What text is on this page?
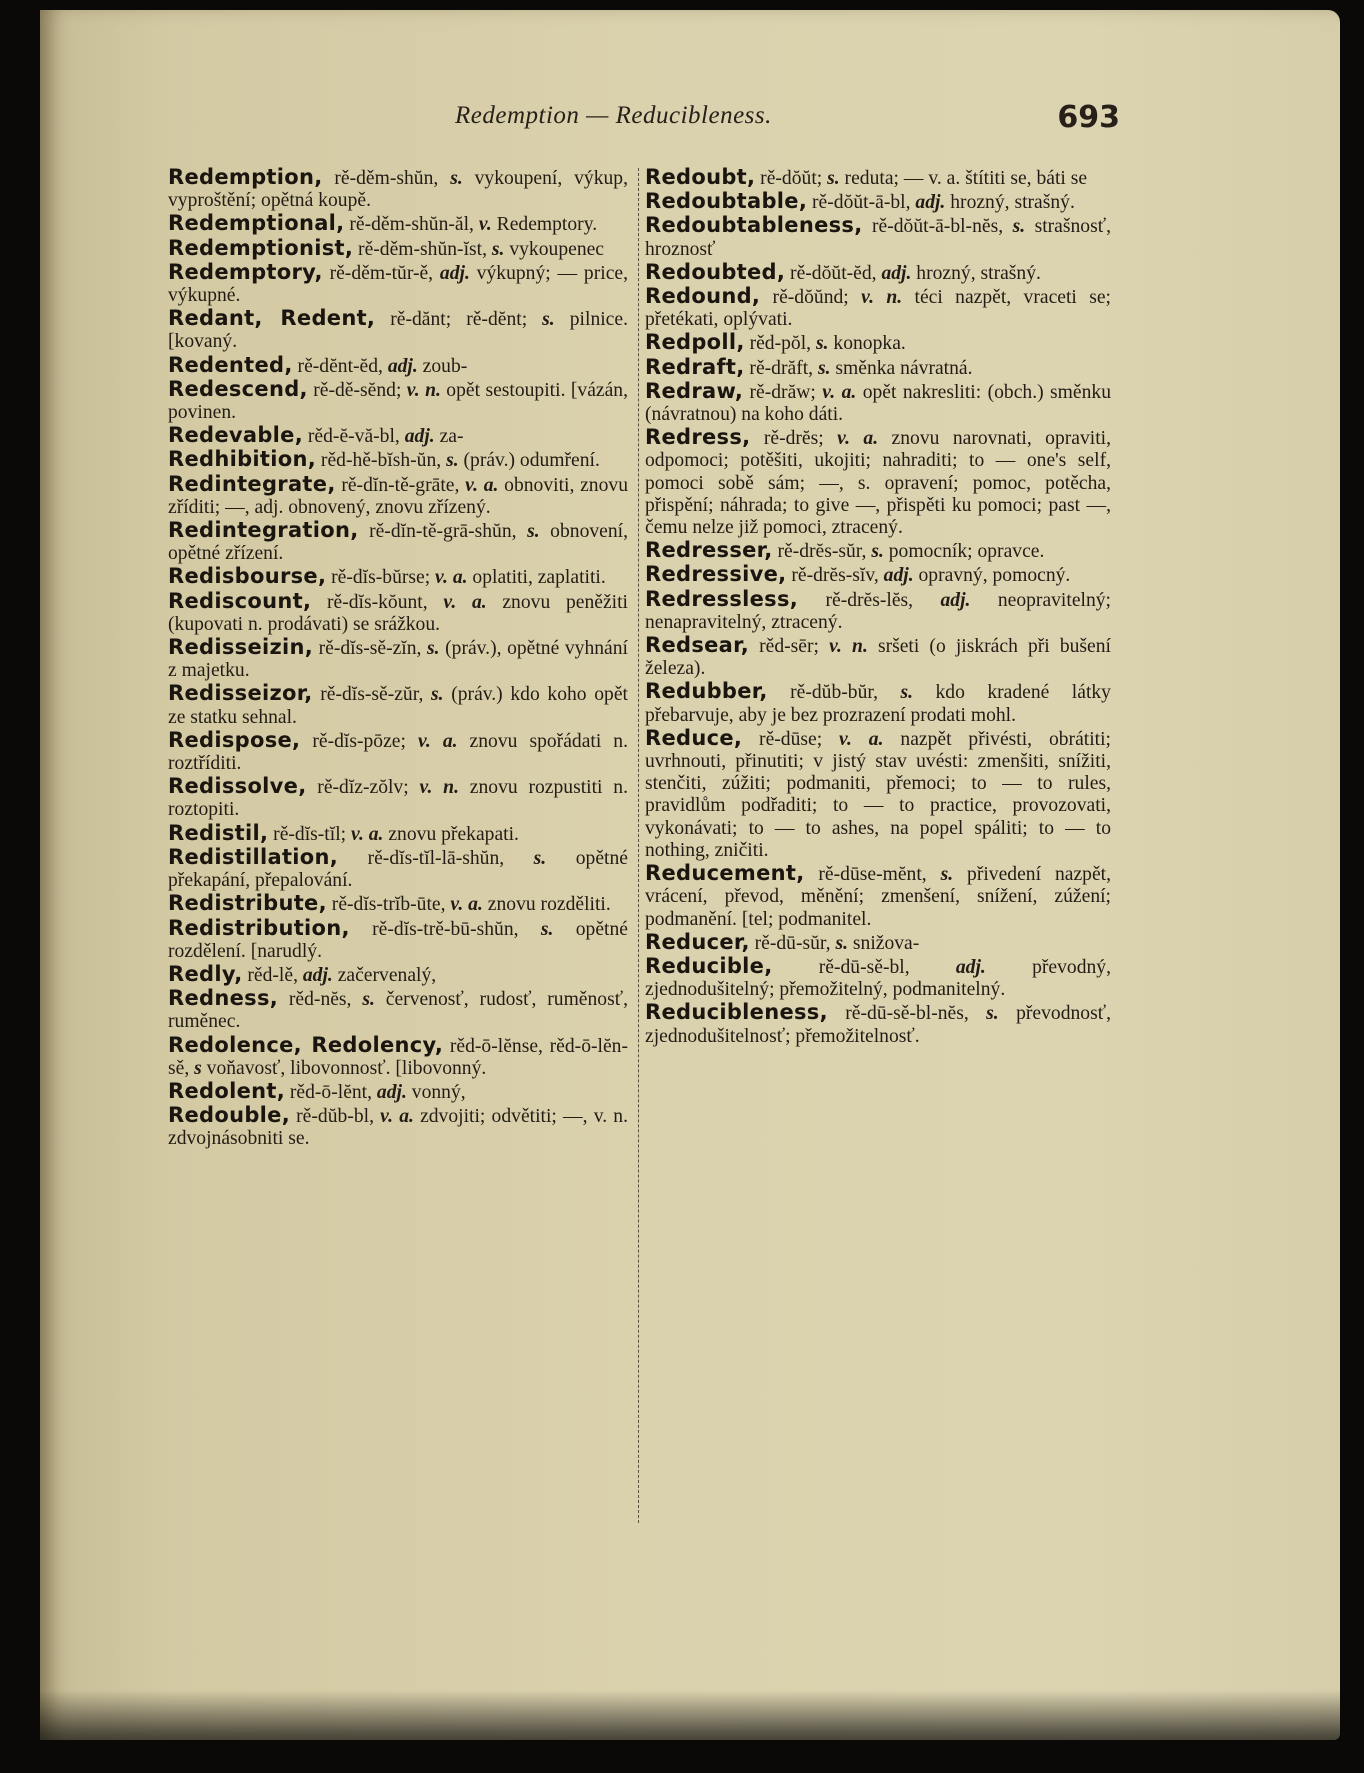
Redemption — Reducibleness.	693

Redemption, rě-děm-shŭn, s. vykoupení, výkup, vyproštění; opětná koupě.

Redemptional, rě-děm-shŭn-ăl, v. Redemptory.

Redemptionist, rě-děm-shŭn-ĭst, s. vykoupenec

Redemptory, rě-děm-tŭr-ě, adj. výkupný; — price, výkupné.

Redant, Redent, rě-dănt; rě-dĕnt; s. pilnice. [kovaný.

Redented, rě-dĕnt-ĕd, adj. zoub-

Redescend, rě-dě-sĕnd; v. n. opět sestoupiti. [vázán, povinen.

Redevable, rěd-ĕ-vă-bl, adj. za-

Redhibition, rěd-hě-bĭsh-ŭn, s. (práv.) odumření.

Redintegrate, rě-dĭn-tě-grāte, v. a. obnoviti, znovu zříditi; —, adj. obnovený, znovu zřízený.

Redintegration, rě-dĭn-tě-grā-shŭn, s. obnovení, opětné zřízení.

Redisbourse, rě-dĭs-bŭrse; v. a. oplatiti, zaplatiti.

Rediscount, rě-dĭs-kŏunt, v. a. znovu peněžiti (kupovati n. prodávati) se srážkou.

Redisseizin, rě-dĭs-sě-zĭn, s. (práv.), opětné vyhnání z majetku.

Redisseizor, rě-dĭs-sě-zŭr, s. (práv.) kdo koho opět ze statku sehnal.

Redispose, rě-dĭs-pōze; v. a. znovu spořádati n. roztříditi.

Redissolve, rě-dĭz-zŏlv; v. n. znovu rozpustiti n. roztopiti.

Redistil, rě-dĭs-tĭl; v. a. znovu překapati.

Redistillation, rě-dĭs-tĭl-lā-shŭn, s. opětné překapání, přepalování.

Redistribute, rě-dĭs-trĭb-ūte, v. a. znovu rozděliti.

Redistribution, rě-dĭs-trě-bū-shŭn, s. opětné rozdělení. [narudlý.

Redly, rěd-lě, adj. začervenalý,

Redness, rěd-nĕs, s. červenosť, rudosť, ruměnosť, ruměnec.

Redolence, Redolency, rěd-ō-lĕnse, rěd-ō-lĕn-sě, s voňavosť, libovonnosť. [libovonný.

Redolent, rěd-ō-lĕnt, adj. vonný,

Redouble, rě-dŭb-bl, v. a. zdvojiti; odvětiti; —, v. n. zdvojnásobniti se.

Redoubt, rě-dŏŭt; s. reduta; — v. a. štítiti se, báti se

Redoubtable, rě-dŏŭt-ā-bl, adj. hrozný, strašný.

Redoubtableness, rě-dŏŭt-ā-bl-nĕs, s. strašnosť, hroznosť

Redoubted, rě-dŏŭt-ĕd, adj. hrozný, strašný.

Redound, rě-dŏŭnd; v. n. téci nazpět, vraceti se; přetékati, oplývati.

Redpoll, rěd-pŏl, s. konopka.

Redraft, rě-drăft, s. směnka návratná.

Redraw, rě-drăw; v. a. opět nakresliti: (obch.) směnku (návratnou) na koho dáti.

Redress, rě-drĕs; v. a. znovu narovnati, opraviti, odpomoci; potěšiti, ukojiti; nahraditi; to — one's self, pomoci sobě sám; —, s. opravení; pomoc, potěcha, přispění; náhrada; to give —, přispěti ku pomoci; past —, čemu nelze již pomoci, ztracený.

Redresser, rě-drĕs-sŭr, s. pomocník; opravce.

Redressive, rě-drĕs-sĭv, adj. opravný, pomocný.

Redressless, rě-drĕs-lĕs, adj. neopravitelný; nenapravitelný, ztracený.

Redsear, rěd-sēr; v. n. sršeti (o jiskrách při bušení železa).

Redubber, rě-dŭb-bŭr, s. kdo kradené látky přebarvuje, aby je bez prozrazení prodati mohl.

Reduce, rě-dūse; v. a. nazpět přivésti, obrátiti; uvrhnouti, přinutiti; v jistý stav uvésti: zmenšiti, snížiti, stenčiti, zúžiti; podmaniti, přemoci; to — to rules, pravidlům podřaditi; to — to practice, provozovati, vykonávati; to — to ashes, na popel spáliti; to — to nothing, zničiti.

Reducement, rě-dūse-mĕnt, s. přivedení nazpět, vrácení, převod, měnění; zmenšení, snížení, zúžení; podmanění. [tel; podmanitel.

Reducer, rě-dū-sŭr, s. snižova-

Reducible, rě-dū-sě-bl, adj. převodný, zjednodušitelný; přemožitelný, podmanitelný.

Reducibleness, rě-dū-sě-bl-nĕs, s. převodnosť, zjednodušitelnosť; přemožitelnosť.
